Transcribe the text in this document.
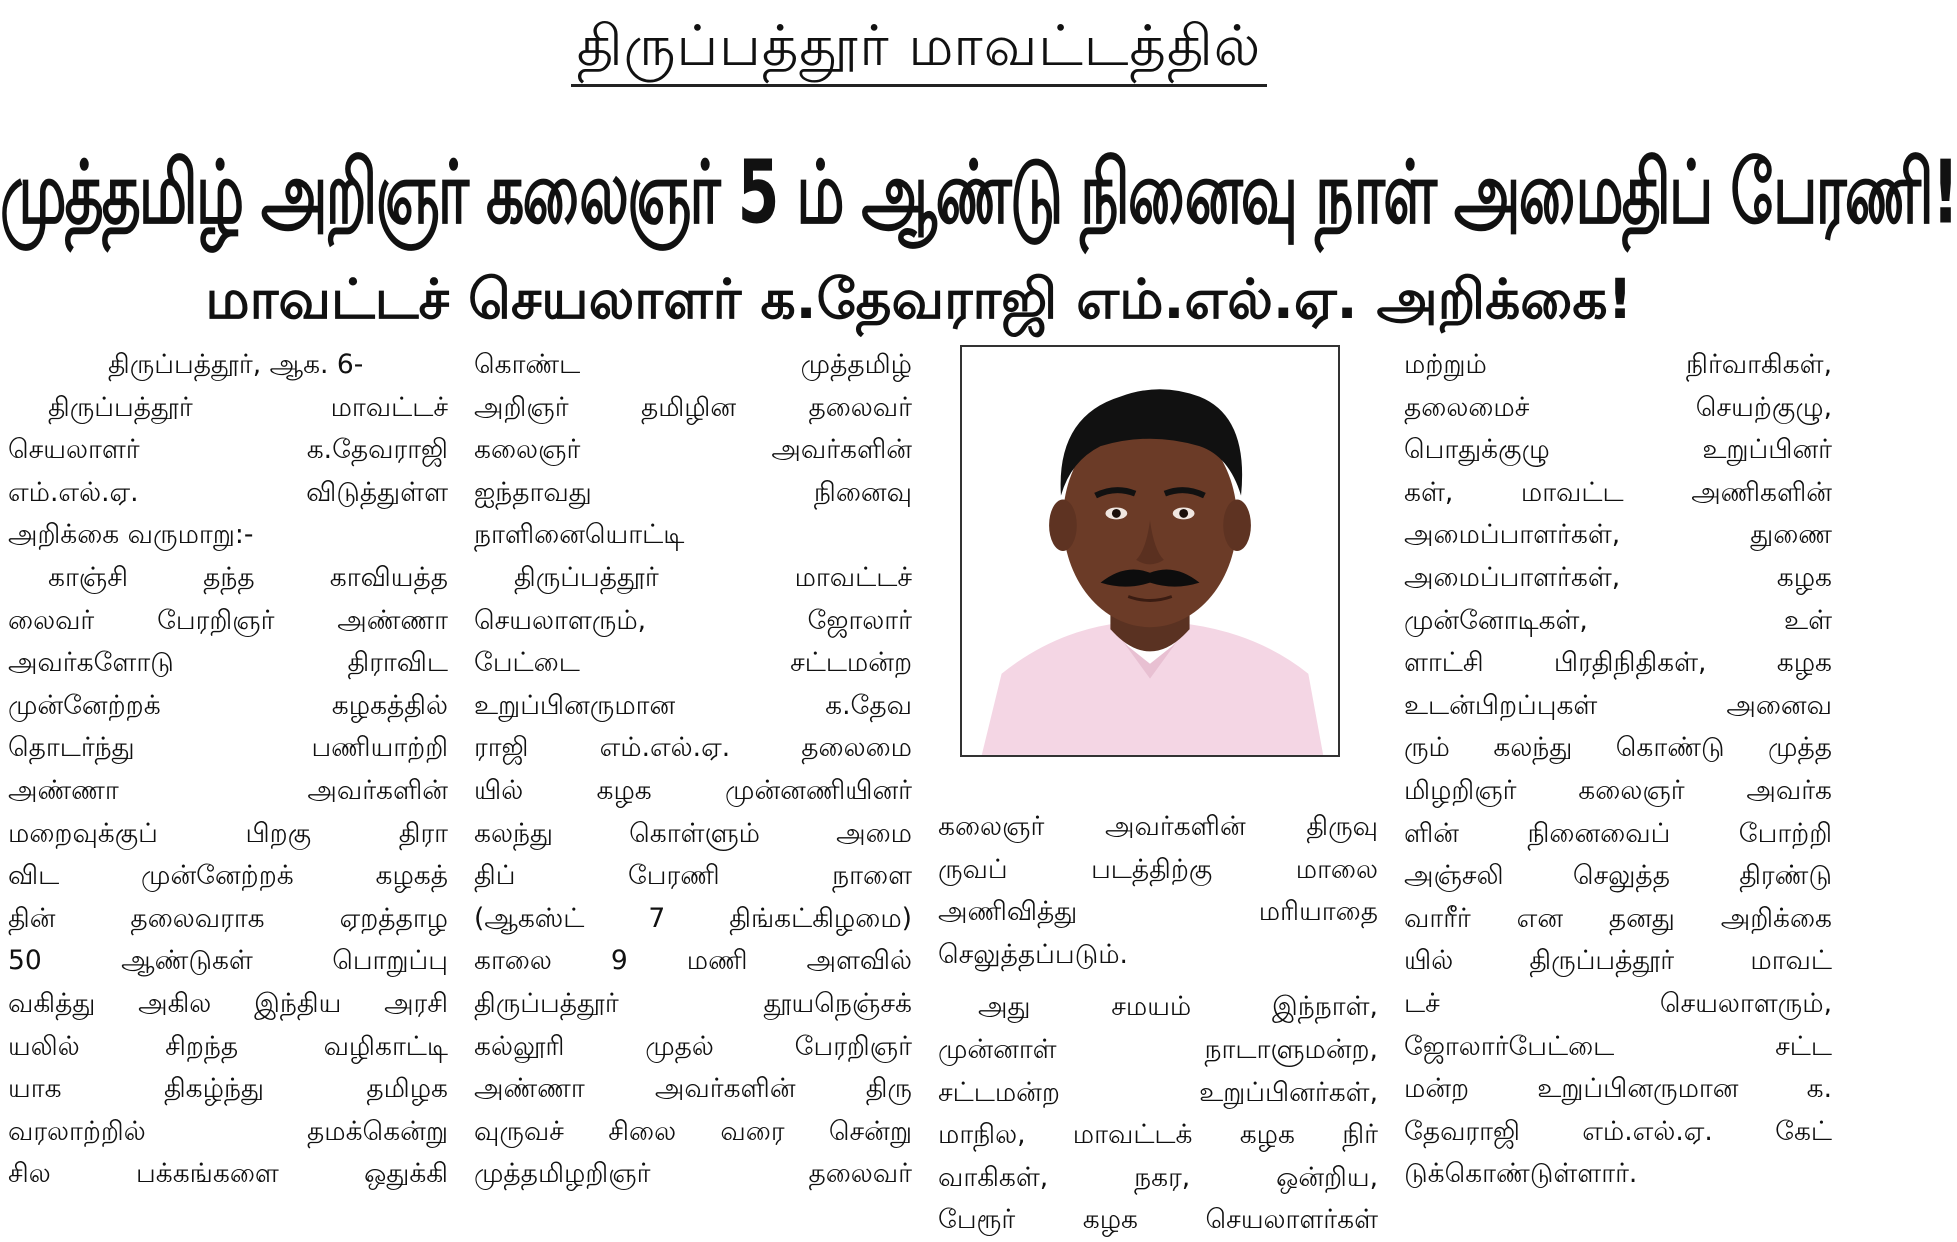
திருப்பத்தூர் மாவட்டத்தில்
முத்தமிழ் அறிஞர் கலைஞர் 5 ம் ஆண்டு நினைவு நாள் அமைதிப் பேரணி!
மாவட்டச் செயலாளர் க.தேவராஜி எம்.எல்.ஏ. அறிக்கை!

திருப்பத்தூர், ஆக. 6-

திருப்பத்தூர் மாவட்டச்

செயலாளர் க.தேவராஜி

எம்.எல்.ஏ. விடுத்துள்ள

அறிக்கை வருமாறு:-

காஞ்சி தந்த காவியத்த

லைவர் பேரறிஞர் அண்ணா

அவர்களோடு திராவிட

முன்னேற்றக் கழகத்தில்

தொடர்ந்து பணியாற்றி

அண்ணா அவர்களின்

மறைவுக்குப் பிறகு திரா

விட முன்னேற்றக் கழகத்

தின் தலைவராக ஏறத்தாழ

50 ஆண்டுகள் பொறுப்பு

வகித்து அகில இந்திய அரசி

யலில் சிறந்த வழிகாட்டி

யாக திகழ்ந்து தமிழக

வரலாற்றில் தமக்கென்று

சில பக்கங்களை ஒதுக்கி

கொண்ட முத்தமிழ்

அறிஞர் தமிழின தலைவர்

கலைஞர் அவர்களின்

ஐந்தாவது நினைவு

நாளினையொட்டி

திருப்பத்தூர் மாவட்டச்

செயலாளரும், ஜோலார்

பேட்டை சட்டமன்ற

உறுப்பினருமான க.தேவ

ராஜி எம்.எல்.ஏ. தலைமை

யில் கழக முன்னணியினர்

கலந்து கொள்ளும் அமை

திப் பேரணி நாளை

(ஆகஸ்ட் 7 திங்கட்கிழமை)

காலை 9 மணி அளவில்

திருப்பத்தூர் தூயநெஞ்சக்

கல்லூரி முதல் பேரறிஞர்

அண்ணா அவர்களின் திரு

வுருவச் சிலை வரை சென்று

முத்தமிழறிஞர் தலைவர்

கலைஞர் அவர்களின் திருவு

ருவப் படத்திற்கு மாலை

அணிவித்து மரியாதை

செலுத்தப்படும்.

அது சமயம் இந்நாள்,

முன்னாள் நாடாளுமன்ற,

சட்டமன்ற உறுப்பினர்கள்,

மாநில, மாவட்டக் கழக நிர்

வாகிகள், நகர, ஒன்றிய,

பேரூர் கழக செயலாளர்கள்

மற்றும் நிர்வாகிகள்,

தலைமைச் செயற்குழு,

பொதுக்குழு உறுப்பினர்

கள், மாவட்ட அணிகளின்

அமைப்பாளர்கள், துணை

அமைப்பாளர்கள், கழக

முன்னோடிகள், உள்

ளாட்சி பிரதிநிதிகள், கழக

உடன்பிறப்புகள் அனைவ

ரும் கலந்து கொண்டு முத்த

மிழறிஞர் கலைஞர் அவர்க

ளின் நினைவைப் போற்றி

அஞ்சலி செலுத்த திரண்டு

வாரீர் என தனது அறிக்கை

யில் திருப்பத்தூர் மாவட்

டச் செயலாளரும்,

ஜோலார்பேட்டை சட்ட

மன்ற உறுப்பினருமான க.

தேவராஜி எம்.எல்.ஏ. கேட்

டுக்கொண்டுள்ளார்.
